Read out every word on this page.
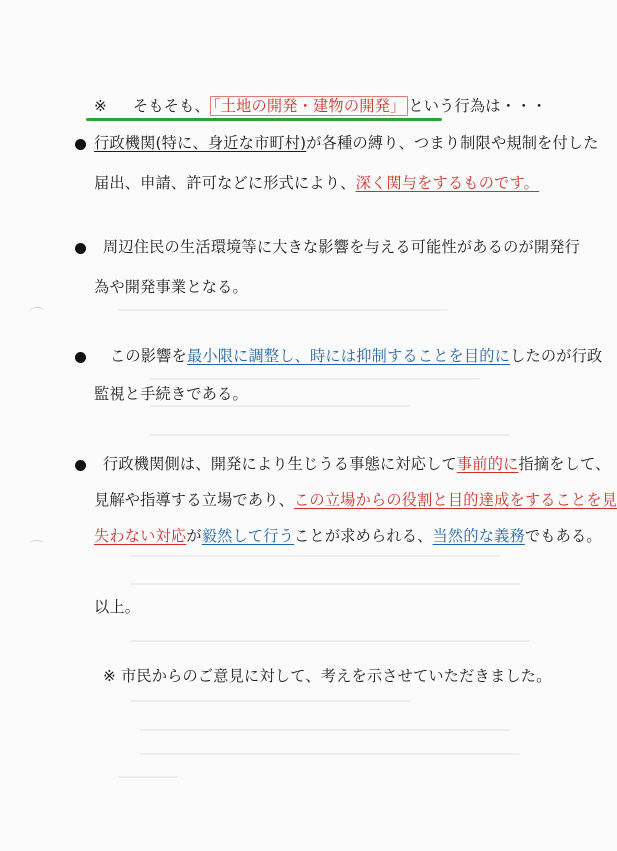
※ そもそも、 「土地の開発・建物の開発」 という行為は・・・
行政機関(特に、身近な市町村)が各種の縛り、つまり制限や規制を付した
届出、申請、許可などに形式により、深く関与をするものです。
周辺住民の生活環境等に大きな影響を与える可能性があるのが開発行
為や開発事業となる。
この影響を最小限に調整し、時には抑制することを目的にしたのが行政
監視と手続きである。
行政機関側は、開発により生じうる事態に対応して事前的に指摘をして、
見解や指導する立場であり、この立場からの役割と目的達成をすることを見
失わない対応が毅然して行うことが求められる、当然的な義務でもある。
以上。
※ 市民からのご意見に対して、考えを示させていただきました。
